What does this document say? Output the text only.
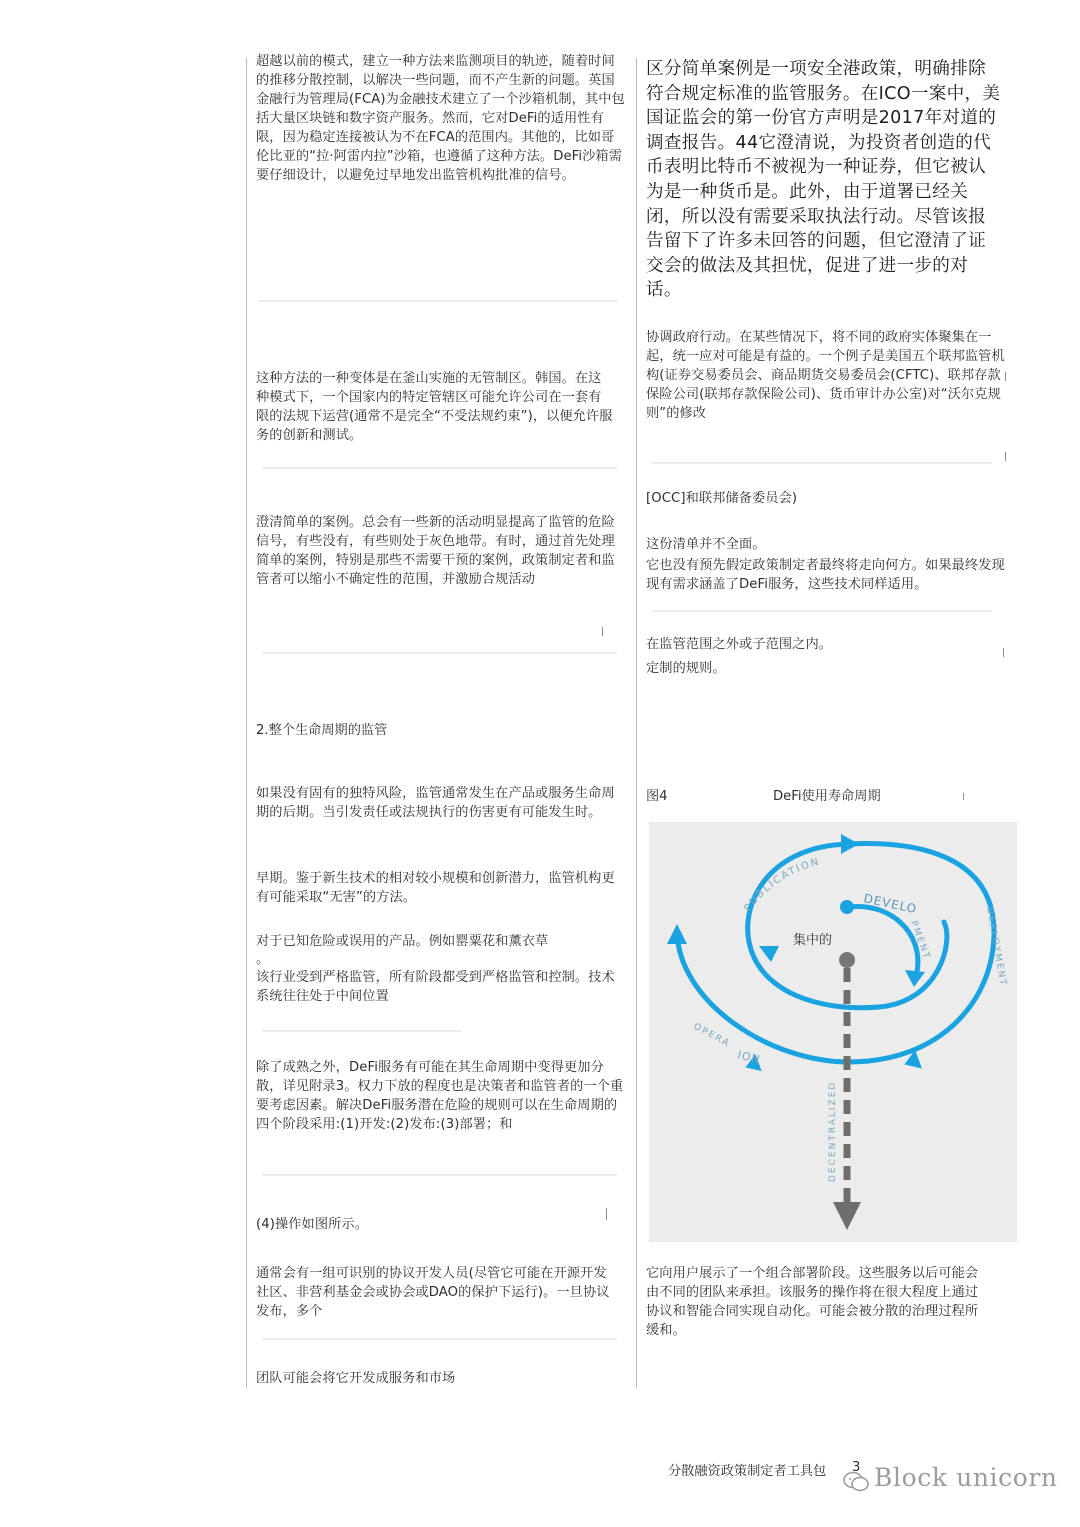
超越以前的模式，建立一种方法来监测项目的轨迹，随着时间的推移分散控制，以解决一些问题，而不产生新的问题。英国金融行为管理局(FCA)为金融技术建立了一个沙箱机制，其中包括大量区块链和数字资产服务。然而，它对DeFi的适用性有限，因为稳定连接被认为不在FCA的范围内。其他的，比如哥伦比亚的“拉·阿雷内拉”沙箱，也遵循了这种方法。DeFi沙箱需要仔细设计，以避免过早地发出监管机构批准的信号。

这种方法的一种变体是在釜山实施的无管制区。韩国。在这种模式下，一个国家内的特定管辖区可能允许公司在一套有限的法规下运营(通常不是完全“不受法规约束”)，以便允许服务的创新和测试。

澄清简单的案例。总会有一些新的活动明显提高了监管的危险信号，有些没有，有些则处于灰色地带。有时，通过首先处理简单的案例，特别是那些不需要干预的案例，政策制定者和监管者可以缩小不确定性的范围，并激励合规活动

2.整个生命周期的监管

如果没有固有的独特风险，监管通常发生在产品或服务生命周期的后期。当引发责任或法规执行的伤害更有可能发生时。

早期。鉴于新生技术的相对较小规模和创新潜力，监管机构更有可能采取“无害”的方法。

对于已知危险或误用的产品。例如罂粟花和薰衣草

。

该行业受到严格监管，所有阶段都受到严格监管和控制。技术系统往往处于中间位置

除了成熟之外，DeFi服务有可能在其生命周期中变得更加分散，详见附录3。权力下放的程度也是决策者和监管者的一个重要考虑因素。解决DeFi服务潜在危险的规则可以在生命周期的四个阶段采用:(1)开发:(2)发布:(3)部署；和

(4)操作如图所示。

通常会有一组可识别的协议开发人员(尽管它可能在开源开发社区、非营利基金会或协会或DAO的保护下运行)。一旦协议发布，多个

团队可能会将它开发成服务和市场

区分简单案例是一项安全港政策，明确排除符合规定标准的监管服务。在ICO一案中，美国证监会的第一份官方声明是2017年对道的调查报告。44它澄清说，为投资者创造的代币表明比特币不被视为一种证券，但它被认为是一种货币是。此外，由于道署已经关闭，所以没有需要采取执法行动。尽管该报告留下了许多未回答的问题，但它澄清了证交会的做法及其担忧，促进了进一步的对话。

协调政府行动。在某些情况下，将不同的政府实体聚集在一起，统一应对可能是有益的。一个例子是美国五个联邦监管机构(证券交易委员会、商品期货交易委员会(CFTC)、联邦存款保险公司(联邦存款保险公司)、货币审计办公室)对“沃尔克规则”的修改

[OCC]和联邦储备委员会)

这份清单并不全面。

它也没有预先假定政策制定者最终将走向何方。如果最终发现现有需求涵盖了DeFi服务，这些技术同样适用。

在监管范围之外或子范围之内。

定制的规则。

图4	DeFi使用寿命周期
集中的
PUBLICATION
DEVELO
PMENT	DEPLOYMENT
OPERA
ION
DECENTRALIZED

它向用户展示了一个组合部署阶段。这些服务以后可能会由不同的团队来承担。该服务的操作将在很大程度上通过协议和智能合同实现自动化。可能会被分散的治理过程所缓和。

分散融资政策制定者工具包 3 Block unicorn
